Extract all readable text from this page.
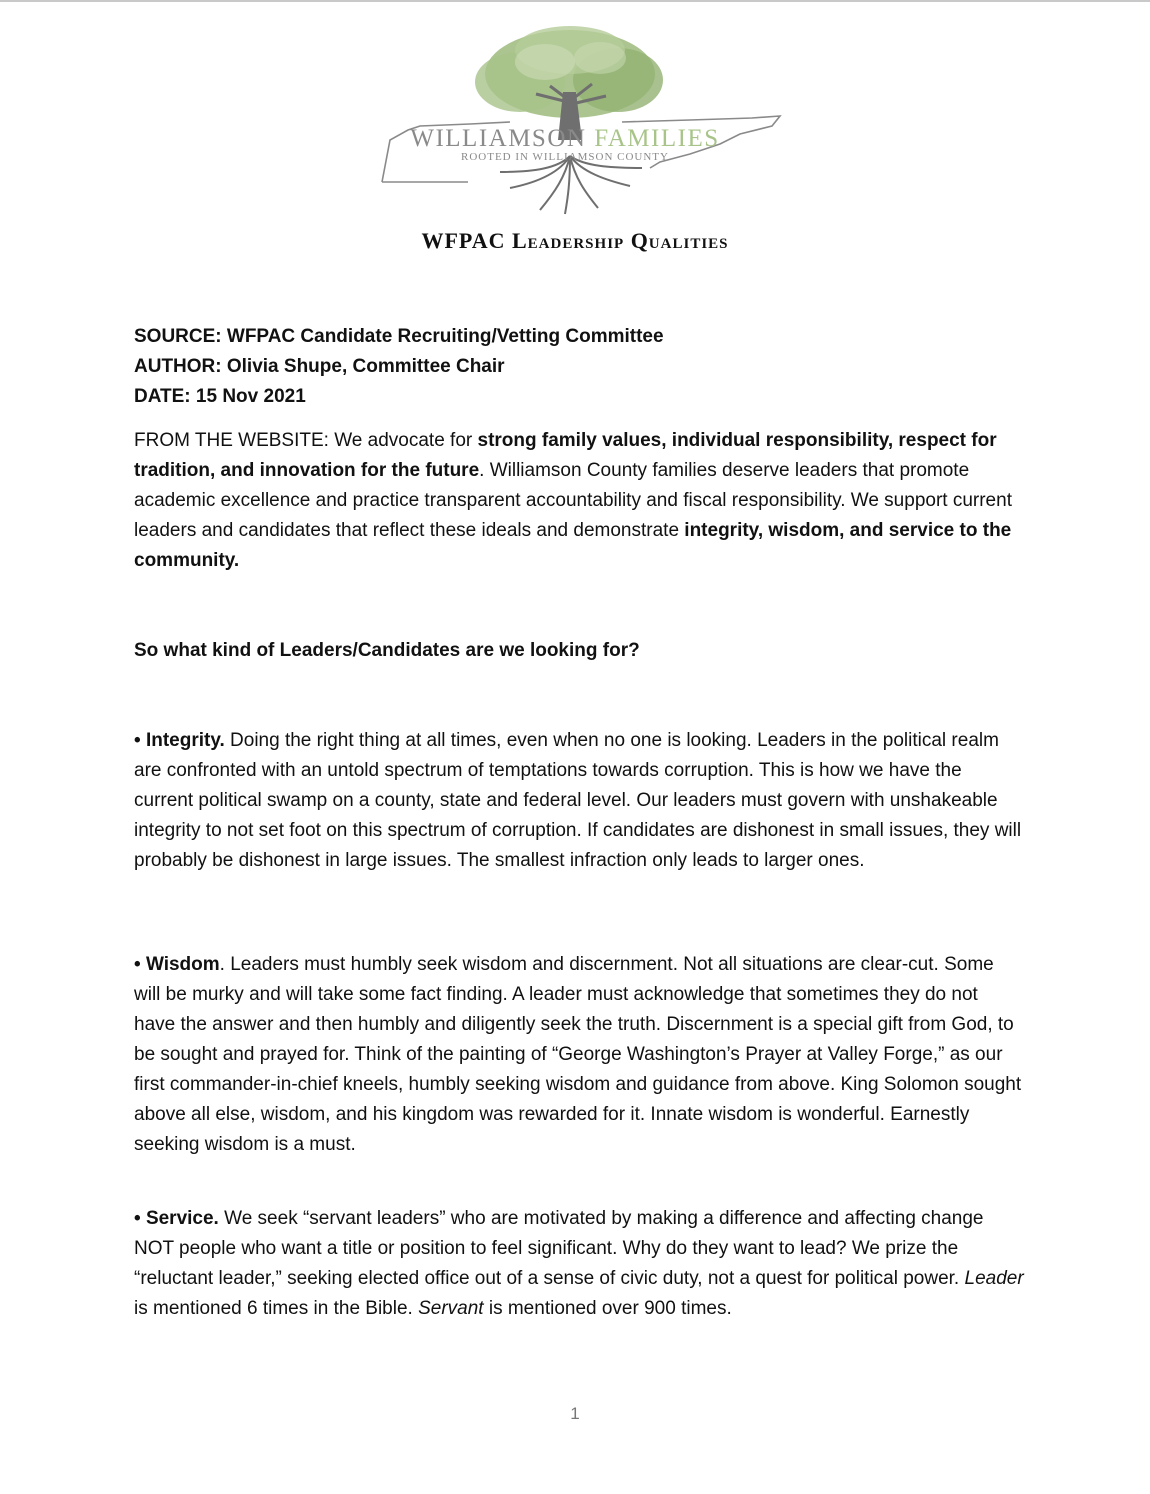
WILLIAMSON FAMILIES
ROOTED IN WILLIAMSON COUNTY
WFPAC Leadership Qualities

SOURCE: WFPAC Candidate Recruiting/Vetting Committee

AUTHOR: Olivia Shupe, Committee Chair

DATE: 15 Nov 2021

FROM THE WEBSITE: We advocate for strong family values, individual responsibility, respect for tradition, and innovation for the future. Williamson County families deserve leaders that promote academic excellence and practice transparent accountability and fiscal responsibility. We support current leaders and candidates that reflect these ideals and demonstrate integrity, wisdom, and service to the community.

So what kind of Leaders/Candidates are we looking for?

• Integrity. Doing the right thing at all times, even when no one is looking. Leaders in the political realm are confronted with an untold spectrum of temptations towards corruption. This is how we have the current political swamp on a county, state and federal level. Our leaders must govern with unshakeable integrity to not set foot on this spectrum of corruption. If candidates are dishonest in small issues, they will probably be dishonest in large issues. The smallest infraction only leads to larger ones.

• Wisdom. Leaders must humbly seek wisdom and discernment. Not all situations are clear-cut. Some will be murky and will take some fact finding. A leader must acknowledge that sometimes they do not have the answer and then humbly and diligently seek the truth. Discernment is a special gift from God, to be sought and prayed for. Think of the painting of “George Washington’s Prayer at Valley Forge,” as our first commander-in-chief kneels, humbly seeking wisdom and guidance from above. King Solomon sought above all else, wisdom, and his kingdom was rewarded for it. Innate wisdom is wonderful. Earnestly seeking wisdom is a must.

• Service. We seek “servant leaders” who are motivated by making a difference and affecting change NOT people who want a title or position to feel significant. Why do they want to lead? We prize the “reluctant leader,” seeking elected office out of a sense of civic duty, not a quest for political power. Leader is mentioned 6 times in the Bible. Servant is mentioned over 900 times.

1
